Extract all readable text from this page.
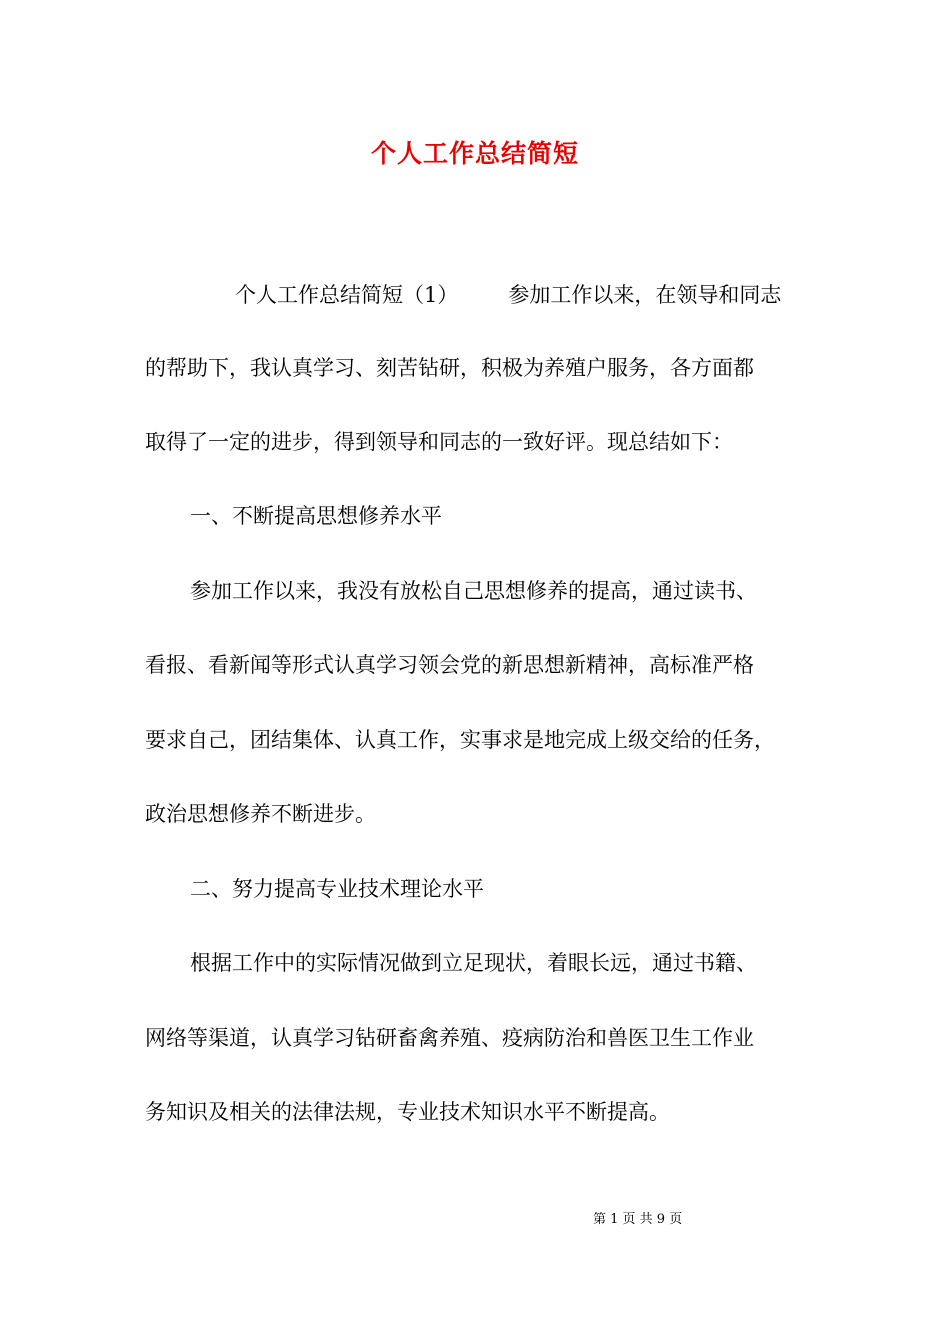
个人工作总结简短
个人工作总结简短（1） 参加工作以来，在领导和同志
的帮助下，我认真学习、刻苦钻研，积极为养殖户服务，各方面都
取得了一定的进步，得到领导和同志的一致好评。现总结如下：
一、不断提高思想修养水平
参加工作以来，我没有放松自己思想修养的提高，通过读书、
看报、看新闻等形式认真学习领会党的新思想新精神，高标准严格
要求自己，团结集体、认真工作，实事求是地完成上级交给的任务，
政治思想修养不断进步。
二、努力提高专业技术理论水平
根据工作中的实际情况做到立足现状，着眼长远，通过书籍、
网络等渠道，认真学习钻研畜禽养殖、疫病防治和兽医卫生工作业
务知识及相关的法律法规，专业技术知识水平不断提高。
第 1 页 共 9 页
